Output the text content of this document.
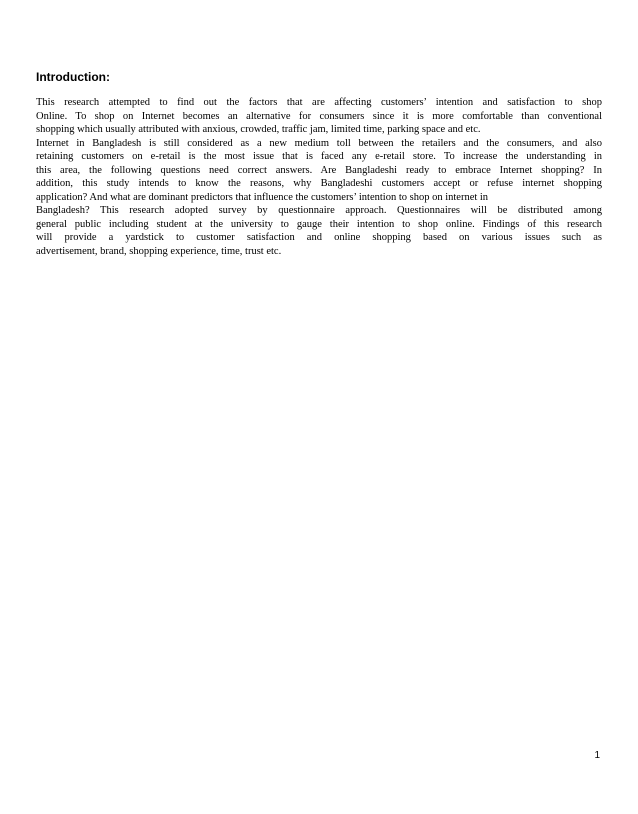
Introduction:
This research attempted to find out the factors that are affecting customers’ intention and satisfaction to shop
Online. To shop on Internet becomes an alternative for consumers since it is more comfortable than conventional
shopping which usually attributed with anxious, crowded, traffic jam, limited time, parking space and etc.
Internet in Bangladesh is still considered as a new medium toll between the retailers and the consumers, and also
retaining customers on e-retail is the most issue that is faced any e-retail store. To increase the understanding in
this area, the following questions need correct answers. Are Bangladeshi ready to embrace Internet shopping? In
addition, this study intends to know the reasons, why Bangladeshi customers accept or refuse internet shopping
application? And what are dominant predictors that influence the customers’ intention to shop on internet in
Bangladesh? This research adopted survey by questionnaire approach. Questionnaires will be distributed among
general public including student at the university to gauge their intention to shop online. Findings of this research
will provide a yardstick to customer satisfaction and online shopping based on various issues such as
advertisement, brand, shopping experience, time, trust etc.
1
